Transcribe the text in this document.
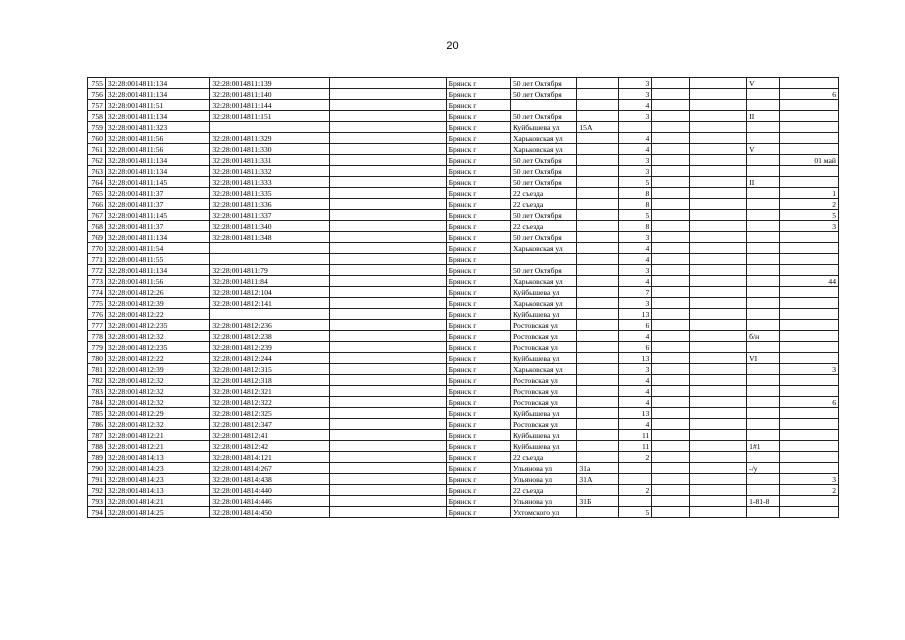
20
755	32:28:0014811:134	32:28:0014811:139		Брянск г	50 лет Октября		3			V	
756	32:28:0014811:134	32:28:0014811:140		Брянск г	50 лет Октября		3				6
757	32:28:0014811:51	32:28:0014811:144		Брянск г			4				
758	32:28:0014811:134	32:28:0014811:151		Брянск г	50 лет Октября		3			II	
759	32:28:0014811:323			Брянск г	Куйбышева ул	15А					
760	32:28:0014811:56	32:28:0014811:329		Брянск г	Харьковская ул		4				
761	32:28:0014811:56	32:28:0014811:330		Брянск г	Харьковская ул		4			V	
762	32:28:0014811:134	32:28:0014811:331		Брянск г	50 лет Октября		3				01 май
763	32:28:0014811:134	32:28:0014811:332		Брянск г	50 лет Октября		3				
764	32:28:0014811:145	32:28:0014811:333		Брянск г	50 лет Октября		5			II	
765	32:28:0014811:37	32:28:0014811:335		Брянск г	22 съезда		8				1
766	32:28:0014811:37	32:28:0014811:336		Брянск г	22 съезда		8				2
767	32:28:0014811:145	32:28:0014811:337		Брянск г	50 лет Октября		5				5
768	32:28:0014811:37	32:28:0014811:340		Брянск г	22 съезда		8				3
769	32:28:0014811:134	32:28:0014811:348		Брянск г	50 лет Октября		3				
770	32:28:0014811:54			Брянск г	Харьковская ул		4				
771	32:28:0014811:55			Брянск г			4				
772	32:28:0014811:134	32:28:0014811:79		Брянск г	50 лет Октября		3				
773	32:28:0014811:56	32:28:0014811:84		Брянск г	Харьковская ул		4				44
774	32:28:0014812:26	32:28:0014812:104		Брянск г	Куйбышева ул		7				
775	32:28:0014812:39	32:28:0014812:141		Брянск г	Харьковская ул		3				
776	32:28:0014812:22			Брянск г	Куйбышева ул		13				
777	32:28:0014812:235	32:28:0014812:236		Брянск г	Ростовская ул		6				
778	32:28:0014812:32	32:28:0014812:238		Брянск г	Ростовская ул		4			б/н	
779	32:28:0014812:235	32:28:0014812:239		Брянск г	Ростовская ул		6				
780	32:28:0014812:22	32:28:0014812:244		Брянск г	Куйбышева ул		13			VI	
781	32:28:0014812:39	32:28:0014812:315		Брянск г	Харьковская ул		3				3
782	32:28:0014812:32	32:28:0014812:318		Брянск г	Ростовская ул		4				
783	32:28:0014812:32	32:28:0014812:321		Брянск г	Ростовская ул		4				
784	32:28:0014812:32	32:28:0014812:322		Брянск г	Ростовская ул		4				6
785	32:28:0014812:29	32:28:0014812:325		Брянск г	Куйбышева ул		13				
786	32:28:0014812:32	32:28:0014812:347		Брянск г	Ростовская ул		4				
787	32:28:0014812:21	32:28:0014812:41		Брянск г	Куйбышева ул		11				
788	32:28:0014812:21	32:28:0014812:42		Брянск г	Куйбышева ул		11			1#1	
789	32:28:0014814:13	32:28:0014814:121		Брянск г	22 съезда		2				
790	32:28:0014814:23	32:28:0014814:267		Брянск г	Ульянова ул	31а				-/у	
791	32:28:0014814:23	32:28:0014814:438		Брянск г	Ульянова ул	31А					3
792	32:28:0014814:13	32:28:0014814:440		Брянск г	22 съезда		2				2
793	32:28:0014814:21	32:28:0014814:446		Брянск г	Ульянова ул	31Б				1-81-8	
794	32:28:0014814:25	32:28:0014814:450		Брянск г	Ухтомского ул		5				
